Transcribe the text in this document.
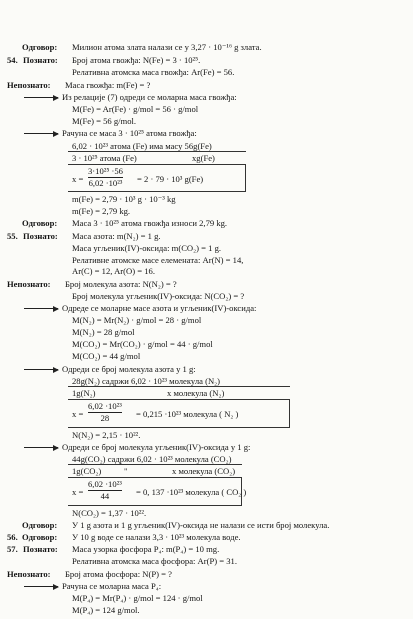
Одговор: Милион атома злата налази се у 3,27 · 10⁻¹⁶ g злата.
54. Познато: Број атома гвожђа: N(Fe) = 3 · 10²⁵.
Релативна атомска маса гвожђа: Ar(Fe) = 56.
Непознато: Маса гвожђа: m(Fe) = ?
Из релације (7) одреди се моларна маса гвожђа:
M(Fe) = Ar(Fe) · g/mol = 56 · g/mol
M(Fe) = 56 g/mol.
Рачуна се маса 3 · 10²⁵ атома гвожђа:
6,02 · 10²³ атома (Fe) има масу 56g(Fe)
3 · 10²⁵ атома (Fe)	xg(Fe)
x =
3·10²⁵ ·56
6,02 ·10²³ = 2 · 79 · 10³ g(Fe)
m(Fe) = 2,79 · 10³ g · 10⁻³ kg
m(Fe) = 2,79 kg.
Одговор: Маса 3 · 10²⁵ атома гвожђа износи 2,79 kg.
55. Познато: Маса азота: m(N₂) = 1 g.
Маса угљеник(IV)-оксида: m(CO₂) = 1 g.
Релативне атомске масе елемената: Ar(N) = 14,
Ar(C) = 12, Ar(O) = 16.
Непознато: Број молекула азота: N(N₂) = ?
Број молекула угљеник(IV)-оксида: N(CO₂) = ?
Одреде се моларне масе азота и угљеник(IV)-оксида:
M(N₂) = Mr(N₂) · g/mol = 28 · g/mol
M(N₂) = 28 g/mol
M(CO₂) = Mr(CO₂) · g/mol = 44 · g/mol
M(CO₂) = 44 g/mol
Одреди се број молекула азота у 1 g:
28g(N₂) садржи 6,02 · 10²³ молекула (N₂)
1g(N₂)	x молекула (N₂)
x =
6,02 ·10²³
28	= 0,215 ·10²³ молекула ( N₂ )
N(N₂) = 2,15 · 10²².
Одреди се број молекула угљеник(IV)-оксида у 1 g:
44g(CO₂) садржи 6,02 · 10²³ молекула (CO₂)
1g(CO₂)	"	x молекула (CO₂)
x =
6,02 ·10²³
44	= 0, 137 ·10²³ молекула ( CO₂ )
N(CO₂) = 1,37 · 10²².
Одговор: У 1 g азота и 1 g угљеник(IV)-оксида не налази се исти број молекула.
56. Одговор: У 10 g воде се налази 3,3 · 10²³ молекула воде.
57. Познато: Маса узорка фосфора P₄: m(P₄) = 10 mg.
Релативна атомска маса фосфора: Ar(P) = 31.
Непознато: Број атома фосфора: N(P) = ?
Рачуна се моларна маса P₄:
M(P₄) = Mr(P₄) · g/mol = 124 · g/mol
M(P₄) = 124 g/mol.
